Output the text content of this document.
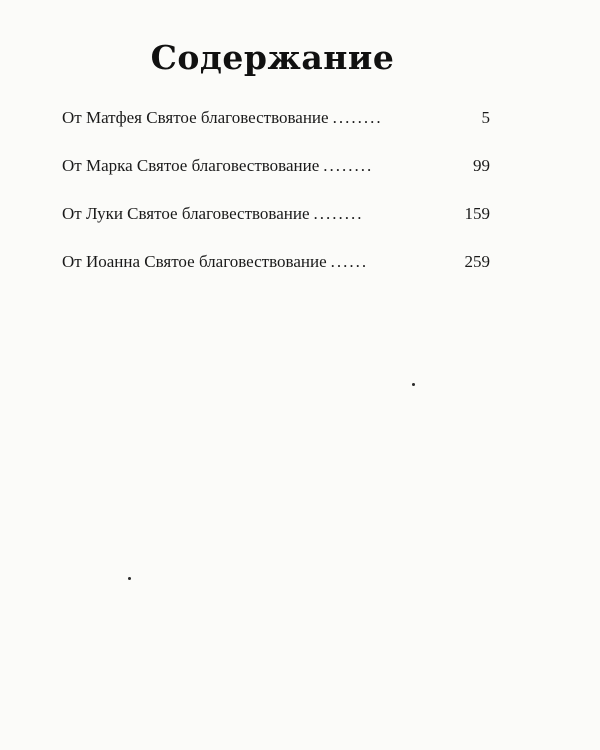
Содержание
От Матфея Святое благовествование ........	5
От Марка Святое благовествование ........	99
От Луки Святое благовествование ........	159
От Иоанна Святое благовествование ......	259
